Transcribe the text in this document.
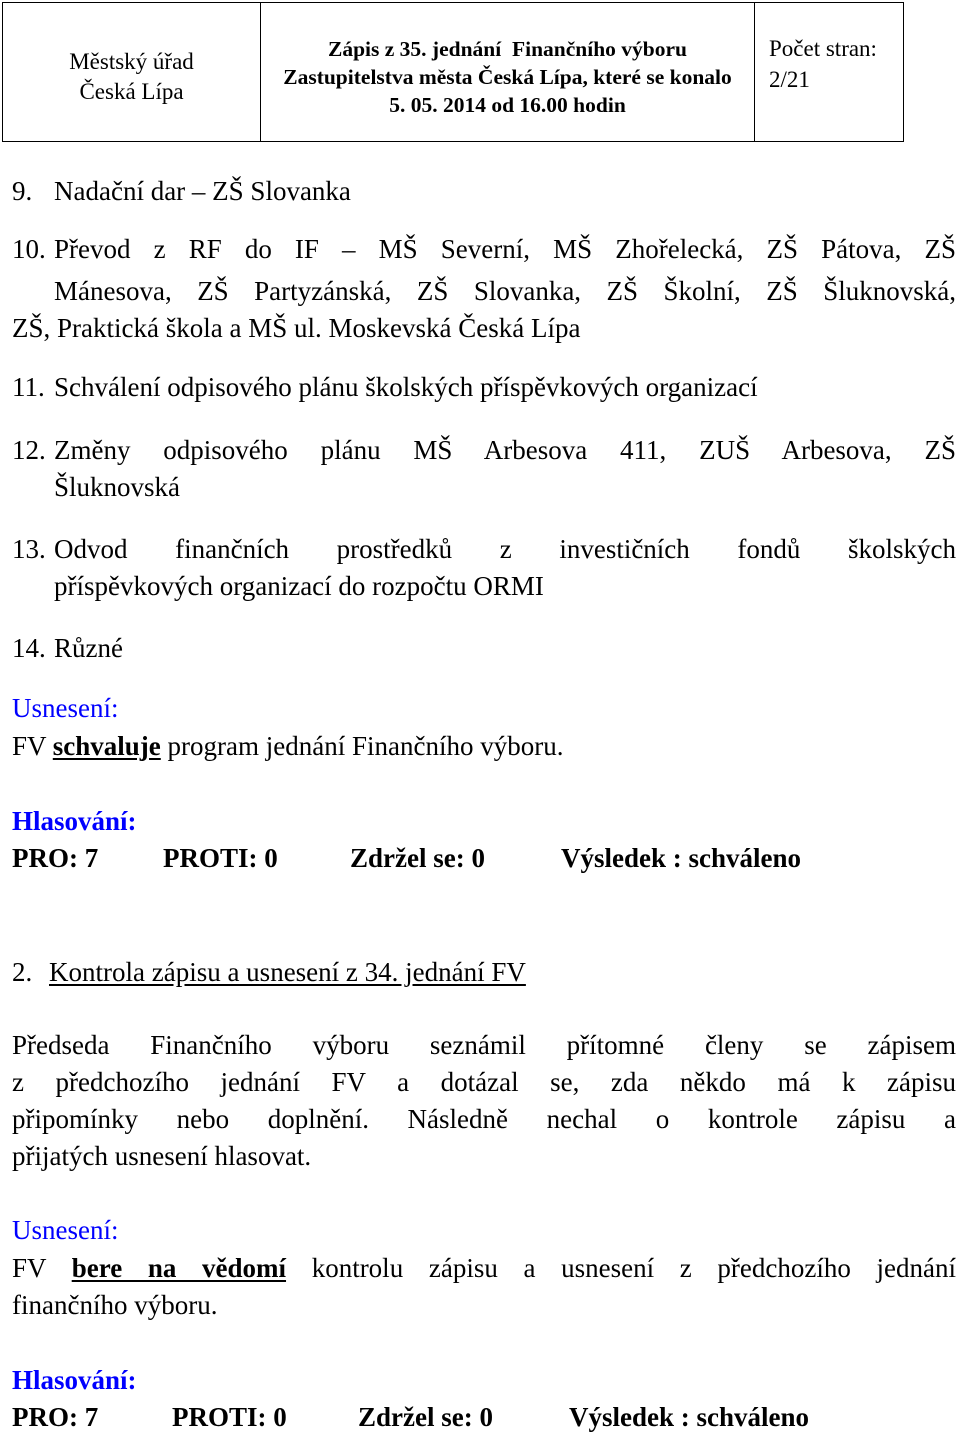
Městský úřad
Česká Lípa
Zápis z 35. jednání  Finančního výboru
Zastupitelstva města Česká Lípa, které se konalo
5. 05. 2014 od 16.00 hodin
Počet stran:
2/21
9. Nadační dar – ZŠ Slovanka
10. Převod z RF do IF – MŠ Severní, MŠ Zhořelecká, ZŠ Pátova, ZŠ
Mánesova, ZŠ Partyzánská, ZŠ Slovanka, ZŠ Školní, ZŠ Šluknovská,
ZŠ, Praktická škola a MŠ ul. Moskevská Česká Lípa
11. Schválení odpisového plánu školských příspěvkových organizací
12. Změny odpisového plánu MŠ Arbesova 411, ZUŠ Arbesova, ZŠ
Šluknovská
13. Odvod finančních prostředků z investičních fondů školských
příspěvkových organizací do rozpočtu ORMI
14. Různé
Usnesení:
FV schvaluje program jednání Finančního výboru.
Hlasování:
PRO: 7 PROTI: 0	Zdržel se: 0	Výsledek : schváleno
2. Kontrola zápisu a usnesení z 34. jednání FV
Předseda Finančního výboru seznámil přítomné členy se zápisem
z předchozího jednání FV a dotázal se, zda někdo má k zápisu
připomínky nebo doplnění. Následně nechal o kontrole zápisu a
přijatých usnesení hlasovat.
Usnesení:
FV bere na vědomí kontrolu zápisu a usnesení z předchozího jednání
finančního výboru.
Hlasování:
PRO: 7	PROTI: 0	Zdržel se: 0	Výsledek : schváleno
